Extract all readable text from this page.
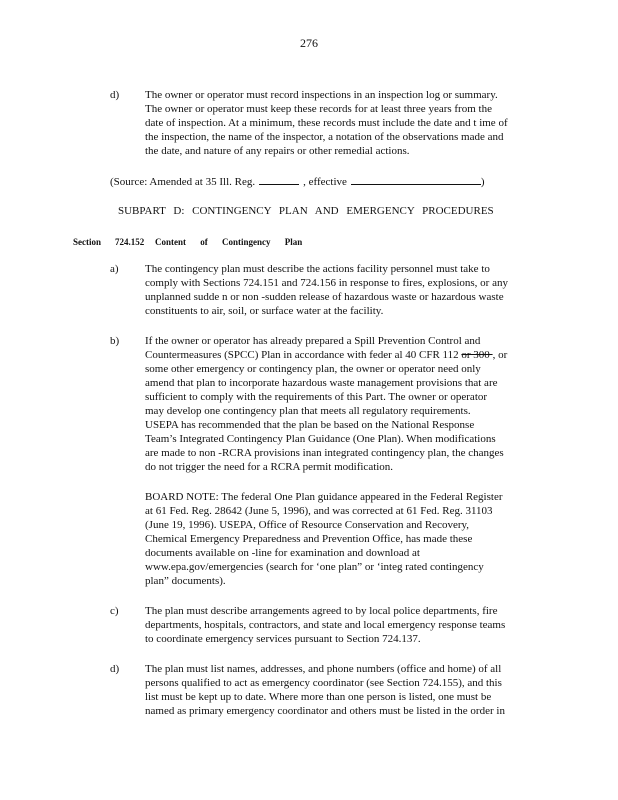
276
d)	The owner or operator must record inspections in an inspection log or summary.
The owner or operator must keep these records for at least three years from the
date of inspection. At a minimum, these records must include the date and t ime of
the inspection, the name of the inspector, a notation of the observations made and
the date, and nature of any repairs or other remedial actions.
(Source: Amended at 35 Ill. Reg.	, effective	)
SUBPART D: CONTINGENCY PLAN AND EMERGENCY PROCEDURES
Section 724.152 Content of Contingency Plan
a)	The contingency plan must describe the actions facility personnel must take to
comply with Sections 724.151 and 724.156 in response to fires, explosions, or any
unplanned sudde n or non -sudden release of hazardous waste or hazardous waste
constituents to air, soil, or surface water at the facility.
b)	If the owner or operator has already prepared a Spill Prevention Control and
Countermeasures (SPCC) Plan in accordance with feder al 40 CFR 112 or 300 , or
some other emergency or contingency plan, the owner or operator need only
amend that plan to incorporate hazardous waste management provisions that are
sufficient to comply with the requirements of this Part. The owner or operator
may develop one contingency plan that meets all regulatory requirements.
USEPA has recommended that the plan be based on the National Response
Team’s Integrated Contingency Plan Guidance (One Plan). When modifications
are made to non -RCRA provisions inan integrated contingency plan, the changes
do not trigger the need for a RCRA permit modification.
BOARD NOTE: The federal One Plan guidance appeared in the Federal Register
at 61 Fed. Reg. 28642 (June 5, 1996), and was corrected at 61 Fed. Reg. 31103
(June 19, 1996). USEPA, Office of Resource Conservation and Recovery,
Chemical Emergency Preparedness and Prevention Office, has made these
documents available on -line for examination and download at
www.epa.gov/emergencies (search for ‘one plan” or ‘integ rated contingency
plan” documents).
c)	The plan must describe arrangements agreed to by local police departments, fire
departments, hospitals, contractors, and state and local emergency response teams
to coordinate emergency services pursuant to Section 724.137.
d)	The plan must list names, addresses, and phone numbers (office and home) of all
persons qualified to act as emergency coordinator (see Section 724.155), and this
list must be kept up to date. Where more than one person is listed, one must be
named as primary emergency coordinator and others must be listed in the order in
